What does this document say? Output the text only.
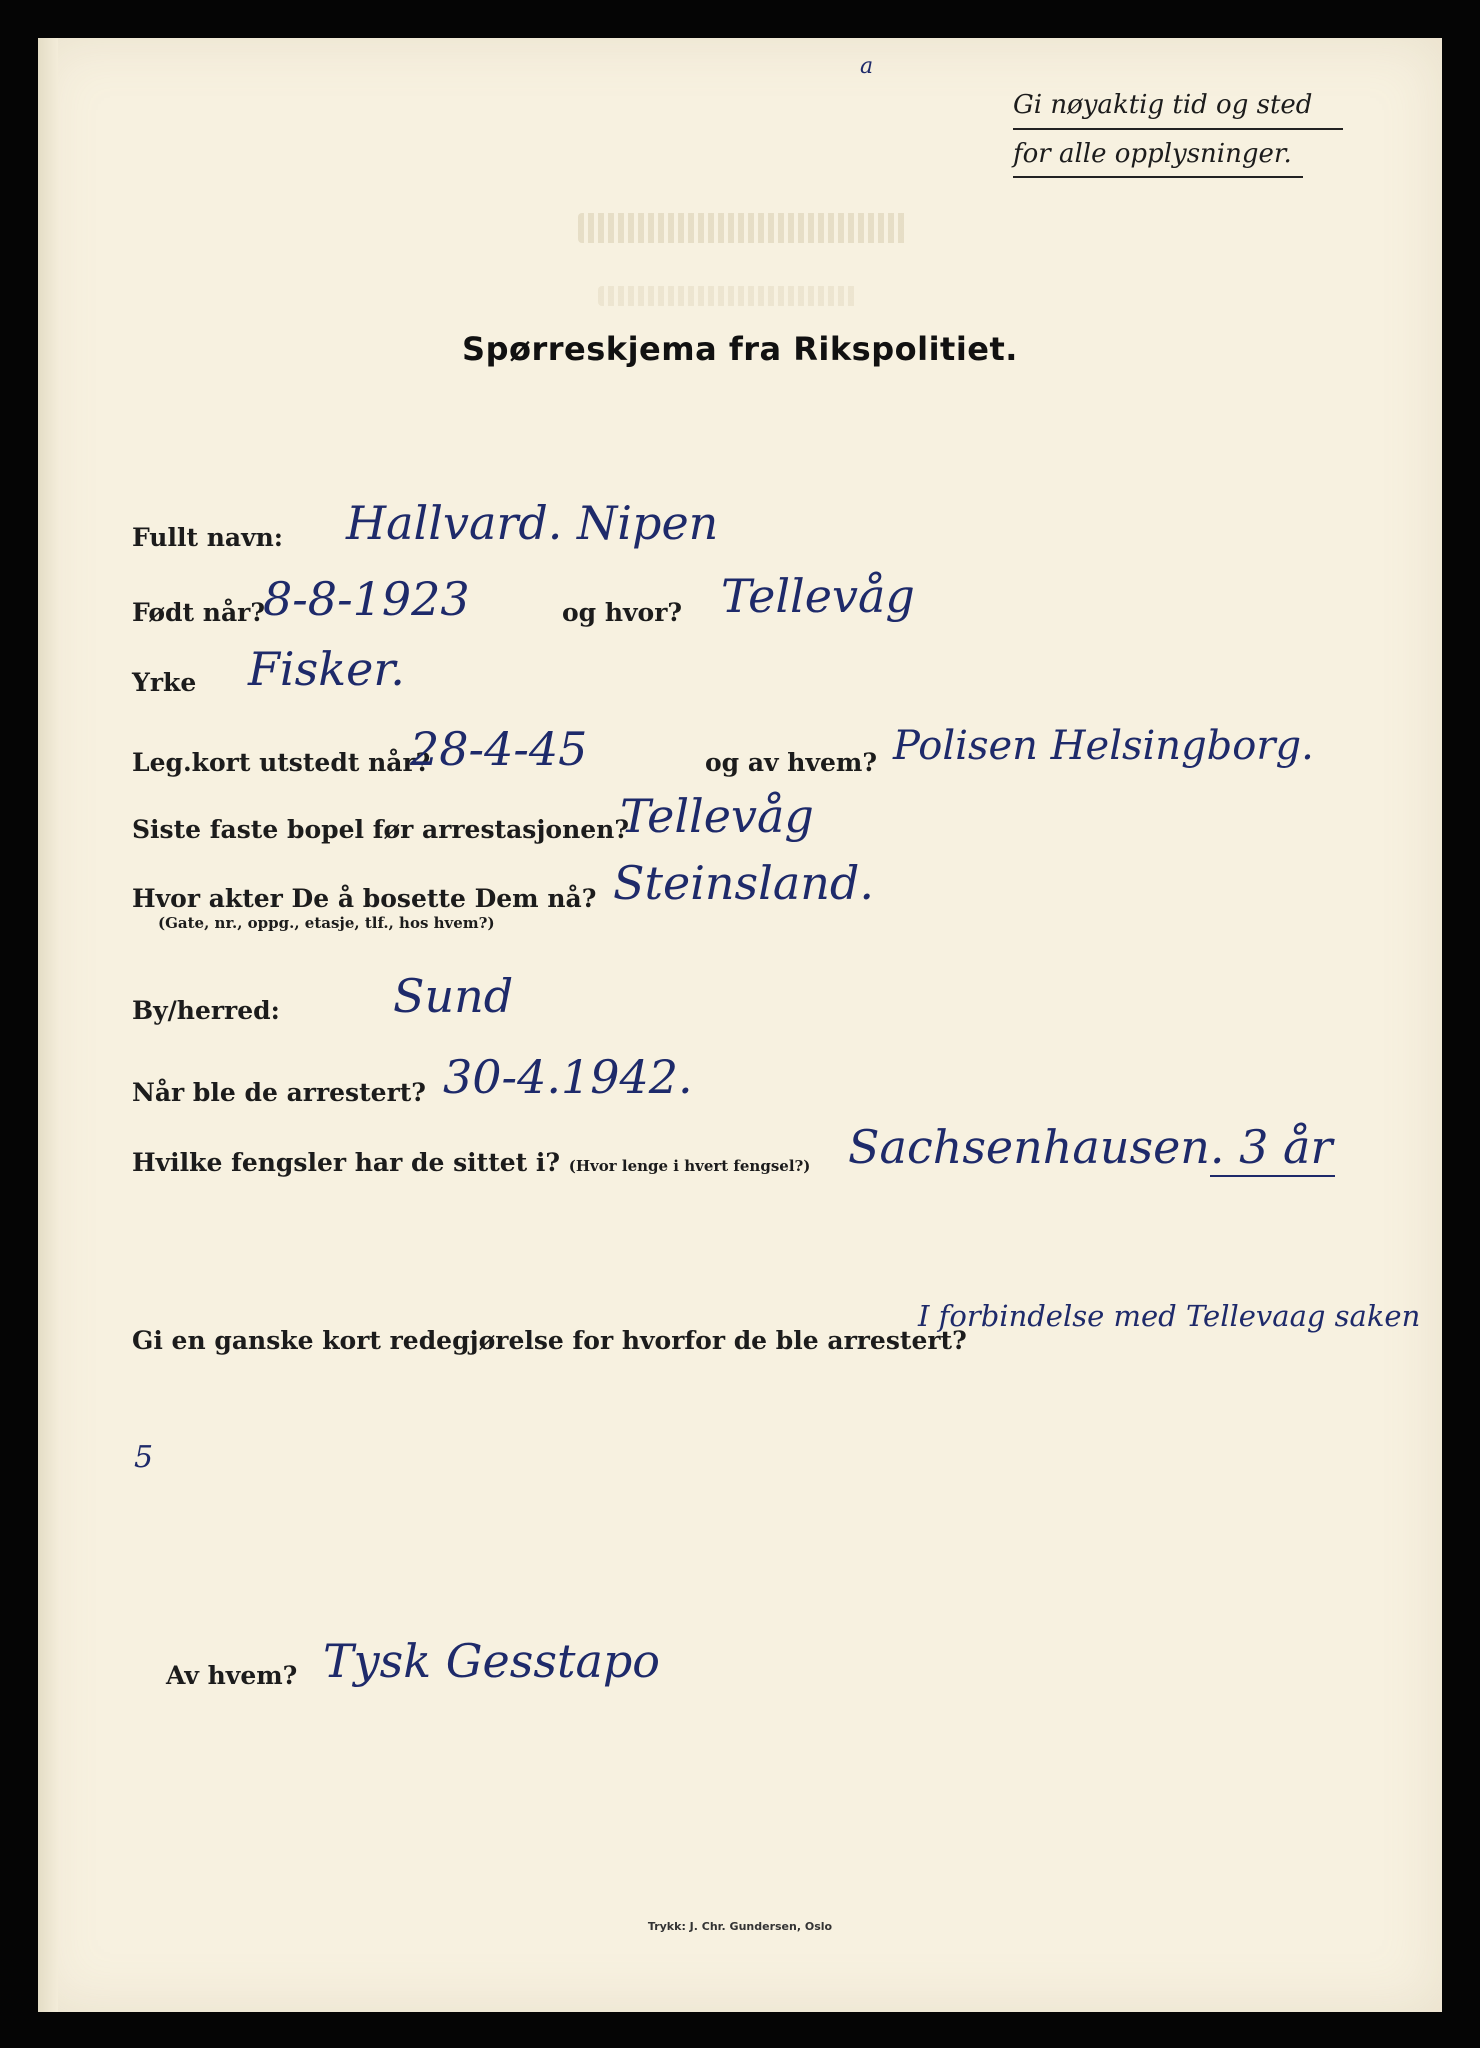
a
Gi nøyaktig tid og sted
for alle opplysninger.
Spørreskjema fra Rikspolitiet.
Fullt navn: Hallvard. Nipen
Født når?
8-8-1923	og hvor? Tellevåg
Yrke Fisker.
Leg.kort utstedt når?
28-4-45	og av hvem? Polisen Helsingborg.
Siste faste bopel før arrestasjonen?
Tellevåg
Hvor akter De å bosette Dem nå?
(Gate, nr., oppg., etasje, tlf., hos hvem?)
Steinsland.
By/herred: Sund
Når ble de arrestert? 30-4.1942.
Hvilke fengsler har de sittet i? (Hvor lenge i hvert fengsel?) Sachsenhausen. 3 år
Gi en ganske kort redegjørelse for hvorfor de ble arrestert?
I forbindelse med Tellevaag saken
5
Av hvem? Tysk Gesstapo
Trykk: J. Chr. Gundersen, Oslo
